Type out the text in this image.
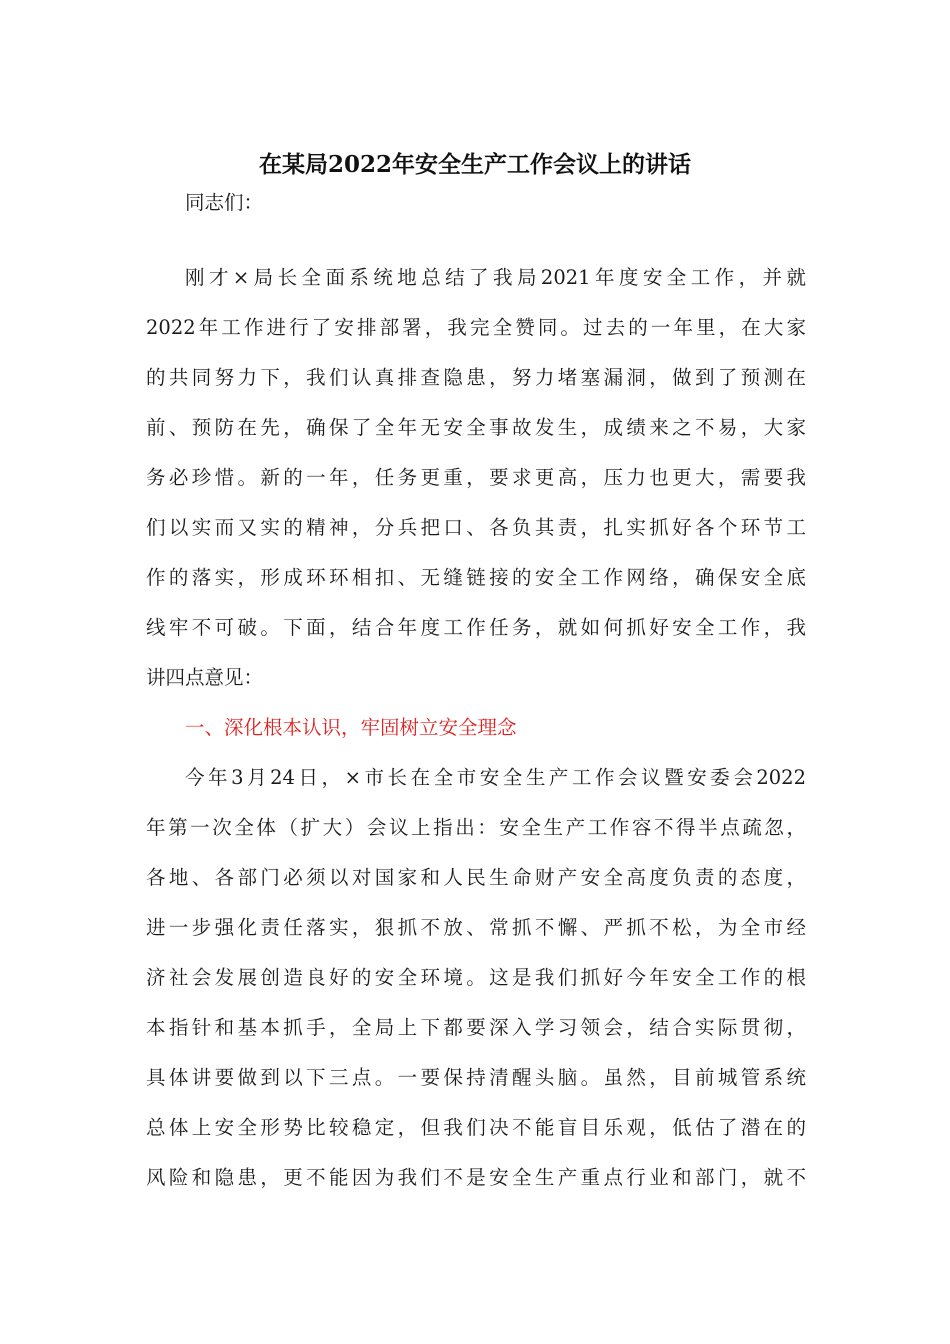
在某局2022年安全生产工作会议上的讲话
同志们：
刚才×局长全面系统地总结了我局2021年度安全工作，并就
2022年工作进行了安排部署，我完全赞同。过去的一年里，在大家
的共同努力下，我们认真排查隐患，努力堵塞漏洞，做到了预测在
前、预防在先，确保了全年无安全事故发生，成绩来之不易，大家
务必珍惜。新的一年，任务更重，要求更高，压力也更大，需要我
们以实而又实的精神，分兵把口、各负其责，扎实抓好各个环节工
作的落实，形成环环相扣、无缝链接的安全工作网络，确保安全底
线牢不可破。下面，结合年度工作任务，就如何抓好安全工作，我
讲四点意见：
一、深化根本认识，牢固树立安全理念
今年3月24日，×市长在全市安全生产工作会议暨安委会2022
年第一次全体（扩大）会议上指出：安全生产工作容不得半点疏忽，
各地、各部门必须以对国家和人民生命财产安全高度负责的态度，
进一步强化责任落实，狠抓不放、常抓不懈、严抓不松，为全市经
济社会发展创造良好的安全环境。这是我们抓好今年安全工作的根
本指针和基本抓手，全局上下都要深入学习领会，结合实际贯彻，
具体讲要做到以下三点。一要保持清醒头脑。虽然，目前城管系统
总体上安全形势比较稳定，但我们决不能盲目乐观，低估了潜在的
风险和隐患，更不能因为我们不是安全生产重点行业和部门，就不
